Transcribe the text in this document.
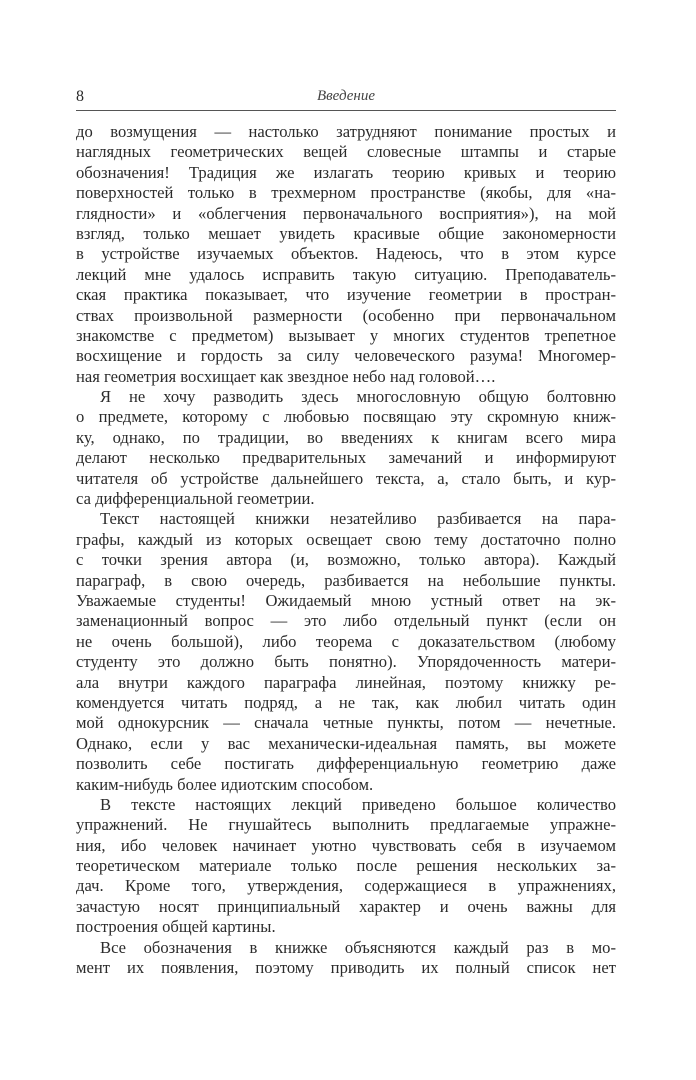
8	Введение
до возмущения — настолько затрудняют понимание простых и
наглядных геометрических вещей словесные штампы и старые
обозначения! Традиция же излагать теорию кривых и теорию
поверхностей только в трехмерном пространстве (якобы, для «на-
глядности» и «облегчения первоначального восприятия»), на мой
взгляд, только мешает увидеть красивые общие закономерности
в устройстве изучаемых объектов. Надеюсь, что в этом курсе
лекций мне удалось исправить такую ситуацию. Преподаватель-
ская практика показывает, что изучение геометрии в простран-
ствах произвольной размерности (особенно при первоначальном
знакомстве с предметом) вызывает у многих студентов трепетное
восхищение и гордость за силу человеческого разума! Многомер-
ная геометрия восхищает как звездное небо над головой….
Я не хочу разводить здесь многословную общую болтовню
о предмете, которому с любовью посвящаю эту скромную книж-
ку, однако, по традиции, во введениях к книгам всего мира
делают несколько предварительных замечаний и информируют
читателя об устройстве дальнейшего текста, а, стало быть, и кур-
са дифференциальной геометрии.
Текст настоящей книжки незатейливо разбивается на пара-
графы, каждый из которых освещает свою тему достаточно полно
с точки зрения автора (и, возможно, только автора). Каждый
параграф, в свою очередь, разбивается на небольшие пункты.
Уважаемые студенты! Ожидаемый мною устный ответ на эк-
заменационный вопрос — это либо отдельный пункт (если он
не очень большой), либо теорема с доказательством (любому
студенту это должно быть понятно). Упорядоченность матери-
ала внутри каждого параграфа линейная, поэтому книжку ре-
комендуется читать подряд, а не так, как любил читать один
мой однокурсник — сначала четные пункты, потом — нечетные.
Однако, если у вас механически-идеальная память, вы можете
позволить себе постигать дифференциальную геометрию даже
каким-нибудь более идиотским способом.
В тексте настоящих лекций приведено большое количество
упражнений. Не гнушайтесь выполнить предлагаемые упражне-
ния, ибо человек начинает уютно чувствовать себя в изучаемом
теоретическом материале только после решения нескольких за-
дач. Кроме того, утверждения, содержащиеся в упражнениях,
зачастую носят принципиальный характер и очень важны для
построения общей картины.
Все обозначения в книжке объясняются каждый раз в мо-
мент их появления, поэтому приводить их полный список нет
